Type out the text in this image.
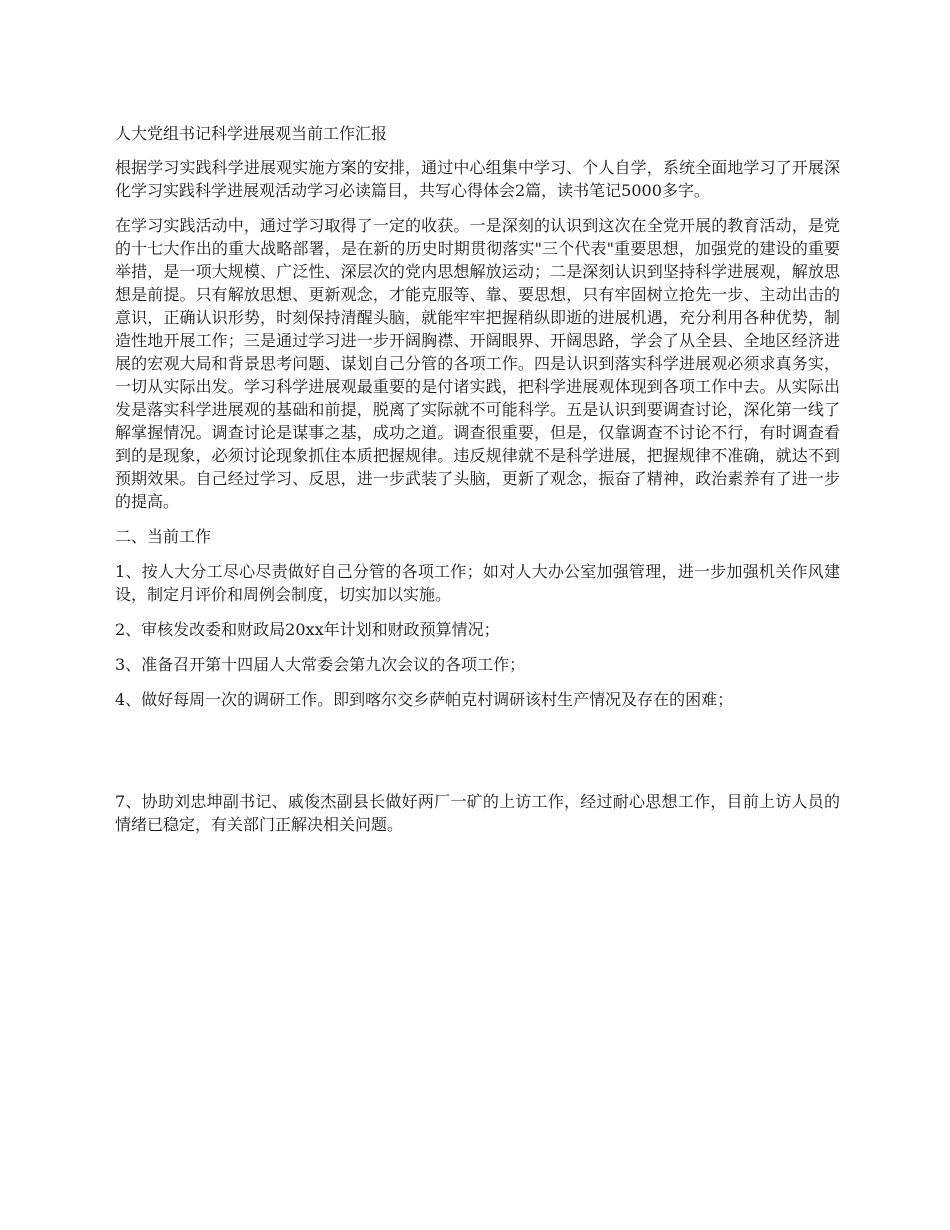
人大党组书记科学进展观当前工作汇报

根据学习实践科学进展观实施方案的安排，通过中心组集中学习、个人自学，系统全面地学习了开展深化学习实践科学进展观活动学习必读篇目，共写心得体会2篇，读书笔记5000多字。

在学习实践活动中，通过学习取得了一定的收获。一是深刻的认识到这次在全党开展的教育活动，是党的十七大作出的重大战略部署，是在新的历史时期贯彻落实"三个代表"重要思想，加强党的建设的重要举措，是一项大规模、广泛性、深层次的党内思想解放运动；二是深刻认识到坚持科学进展观，解放思想是前提。只有解放思想、更新观念，才能克服等、靠、要思想，只有牢固树立抢先一步、主动出击的意识，正确认识形势，时刻保持清醒头脑，就能牢牢把握稍纵即逝的进展机遇，充分利用各种优势，制造性地开展工作；三是通过学习进一步开阔胸襟、开阔眼界、开阔思路，学会了从全县、全地区经济进展的宏观大局和背景思考问题、谋划自己分管的各项工作。四是认识到落实科学进展观必须求真务实，一切从实际出发。学习科学进展观最重要的是付诸实践，把科学进展观体现到各项工作中去。从实际出发是落实科学进展观的基础和前提，脱离了实际就不可能科学。五是认识到要调查讨论，深化第一线了解掌握情况。调查讨论是谋事之基，成功之道。调查很重要，但是，仅靠调查不讨论不行，有时调查看到的是现象，必须讨论现象抓住本质把握规律。违反规律就不是科学进展，把握规律不准确，就达不到预期效果。自己经过学习、反思，进一步武装了头脑，更新了观念，振奋了精神，政治素养有了进一步的提高。

二、当前工作

1、按人大分工尽心尽责做好自己分管的各项工作；如对人大办公室加强管理，进一步加强机关作风建设，制定月评价和周例会制度，切实加以实施。

2、审核发改委和财政局20xx年计划和财政预算情况；

3、准备召开第十四届人大常委会第九次会议的各项工作；

4、做好每周一次的调研工作。即到喀尔交乡萨帕克村调研该村生产情况及存在的困难；

7、协助刘忠坤副书记、戚俊杰副县长做好两厂一矿的上访工作，经过耐心思想工作，目前上访人员的情绪已稳定，有关部门正解决相关问题。
